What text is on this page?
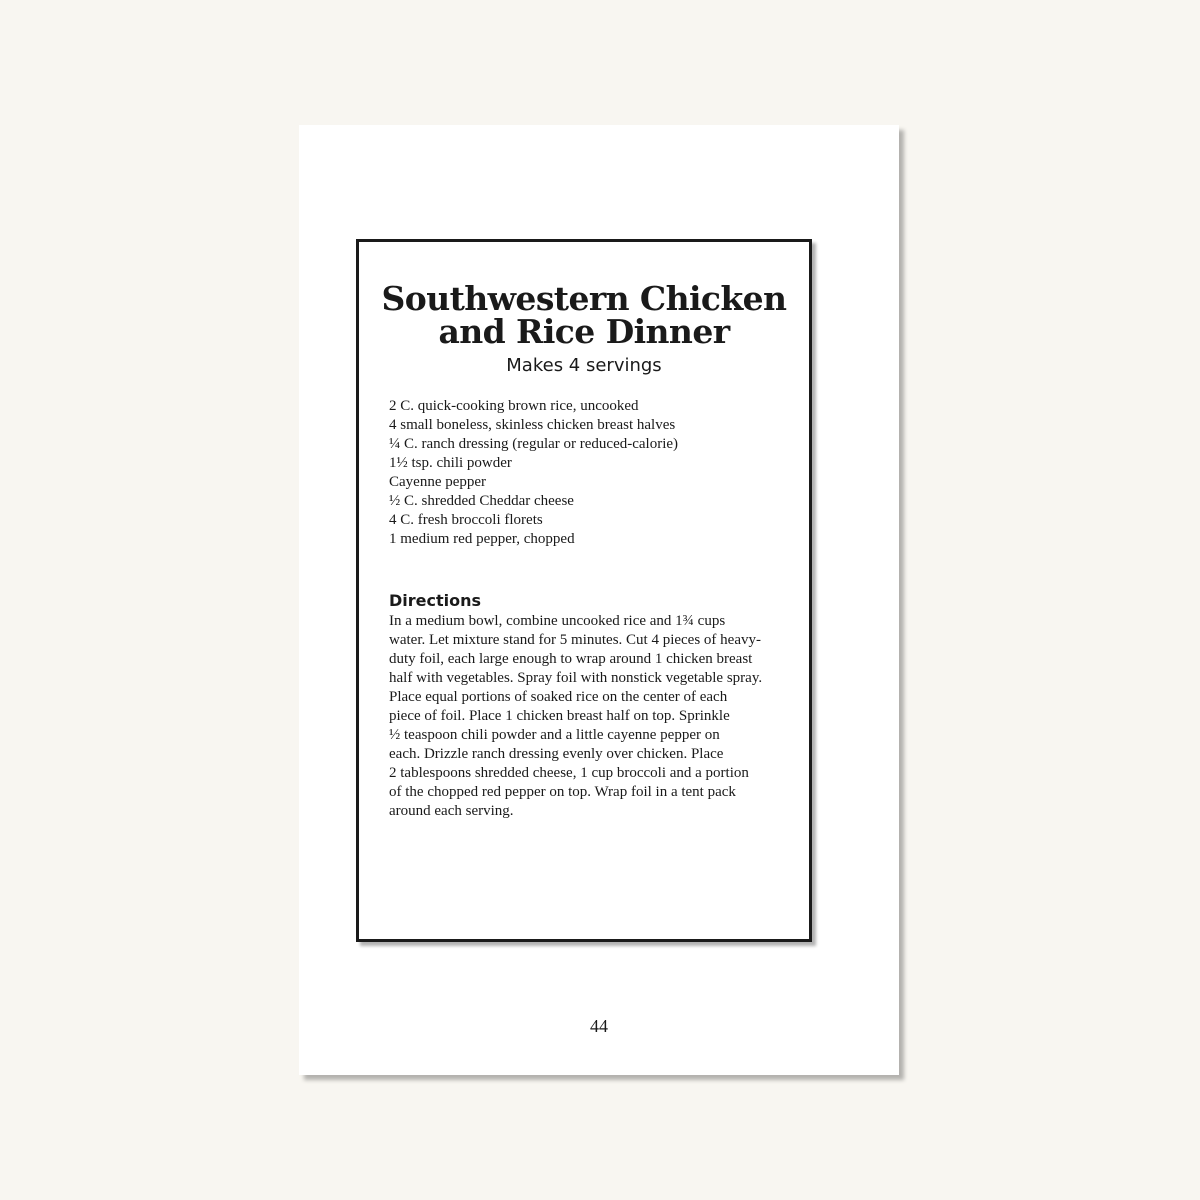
Southwestern Chicken
and Rice Dinner

Makes 4 servings

2 C. quick-cooking brown rice, uncooked
4 small boneless, skinless chicken breast halves
¼ C. ranch dressing (regular or reduced-calorie)
1½ tsp. chili powder
Cayenne pepper
½ C. shredded Cheddar cheese
4 C. fresh broccoli florets
1 medium red pepper, chopped
Directions

In a medium bowl, combine uncooked rice and 1¾ cups
water. Let mixture stand for 5 minutes. Cut 4 pieces of heavy-
duty foil, each large enough to wrap around 1 chicken breast
half with vegetables. Spray foil with nonstick vegetable spray.
Place equal portions of soaked rice on the center of each
piece of foil. Place 1 chicken breast half on top. Sprinkle
½ teaspoon chili powder and a little cayenne pepper on
each. Drizzle ranch dressing evenly over chicken. Place
2 tablespoons shredded cheese, 1 cup broccoli and a portion
of the chopped red pepper on top. Wrap foil in a tent pack
around each serving.

44
